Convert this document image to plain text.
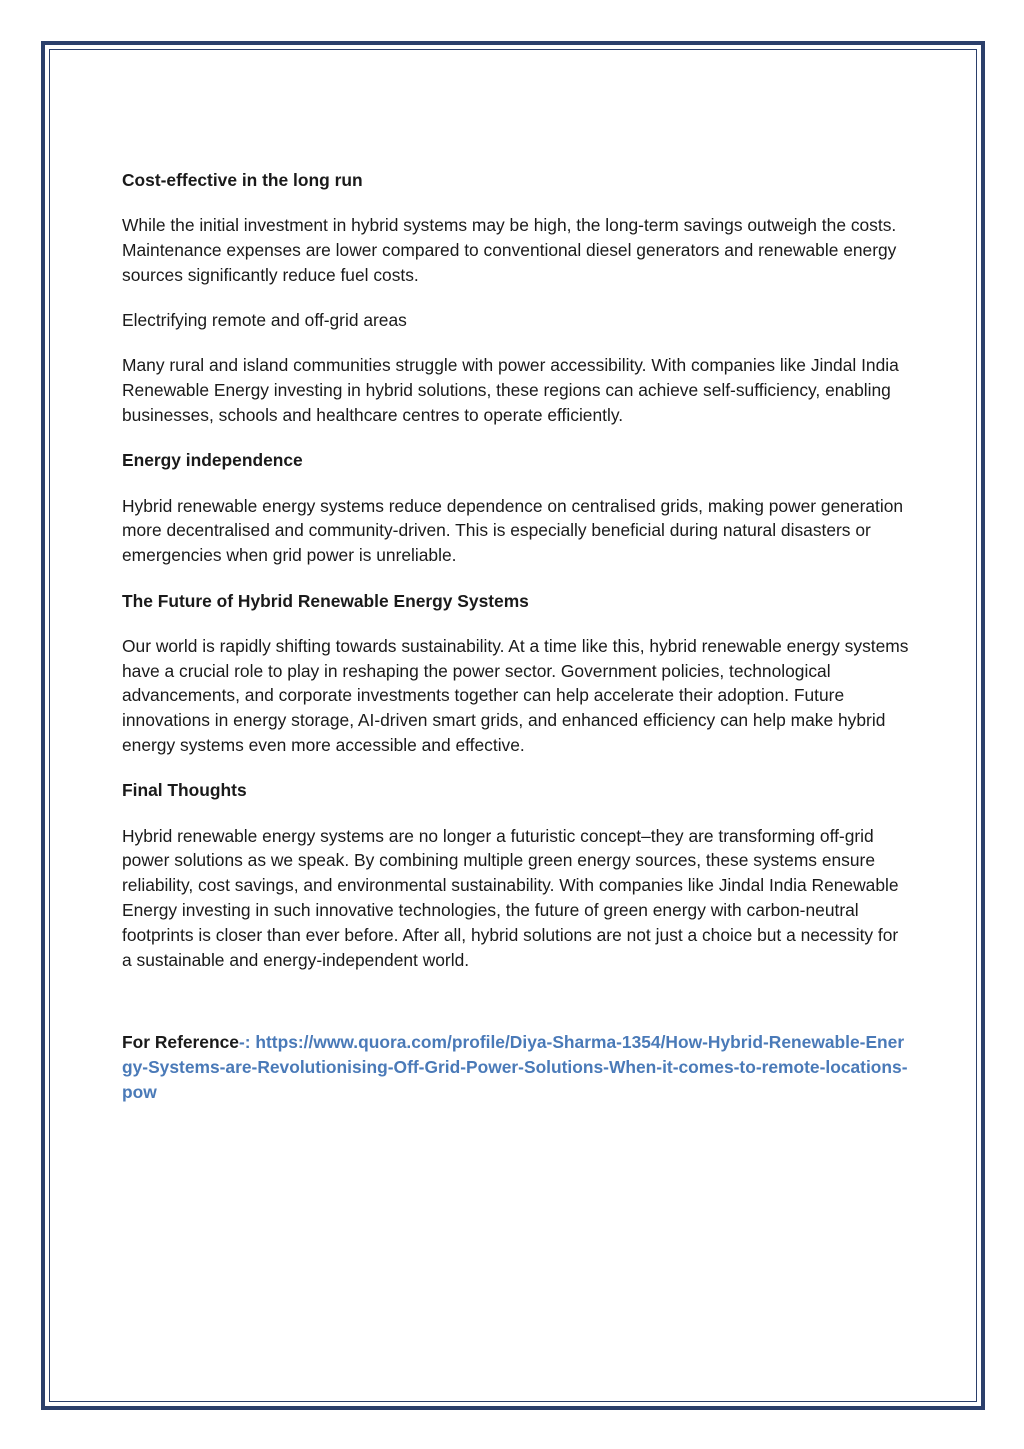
Cost-effective in the long run

While the initial investment in hybrid systems may be high, the long-term savings outweigh the costs. Maintenance expenses are lower compared to conventional diesel generators and renewable energy sources significantly reduce fuel costs.

Electrifying remote and off-grid areas

Many rural and island communities struggle with power accessibility. With companies like Jindal India Renewable Energy investing in hybrid solutions, these regions can achieve self-sufficiency, enabling businesses, schools and healthcare centres to operate efficiently.

Energy independence

Hybrid renewable energy systems reduce dependence on centralised grids, making power generation more decentralised and community-driven. This is especially beneficial during natural disasters or emergencies when grid power is unreliable.

The Future of Hybrid Renewable Energy Systems

Our world is rapidly shifting towards sustainability. At a time like this, hybrid renewable energy systems have a crucial role to play in reshaping the power sector. Government policies, technological advancements, and corporate investments together can help accelerate their adoption. Future innovations in energy storage, AI-driven smart grids, and enhanced efficiency can help make hybrid energy systems even more accessible and effective.

Final Thoughts

Hybrid renewable energy systems are no longer a futuristic concept–they are transforming off-grid power solutions as we speak. By combining multiple green energy sources, these systems ensure reliability, cost savings, and environmental sustainability. With companies like Jindal India Renewable Energy investing in such innovative technologies, the future of green energy with carbon-neutral footprints is closer than ever before. After all, hybrid solutions are not just a choice but a necessity for a sustainable and energy-independent world.

For Reference-: https://www.quora.com/profile/Diya-Sharma-1354/How-Hybrid-Renewable-Energy-Systems-are-Revolutionising-Off-Grid-Power-Solutions-When-it-comes-to-remote-locations-pow
